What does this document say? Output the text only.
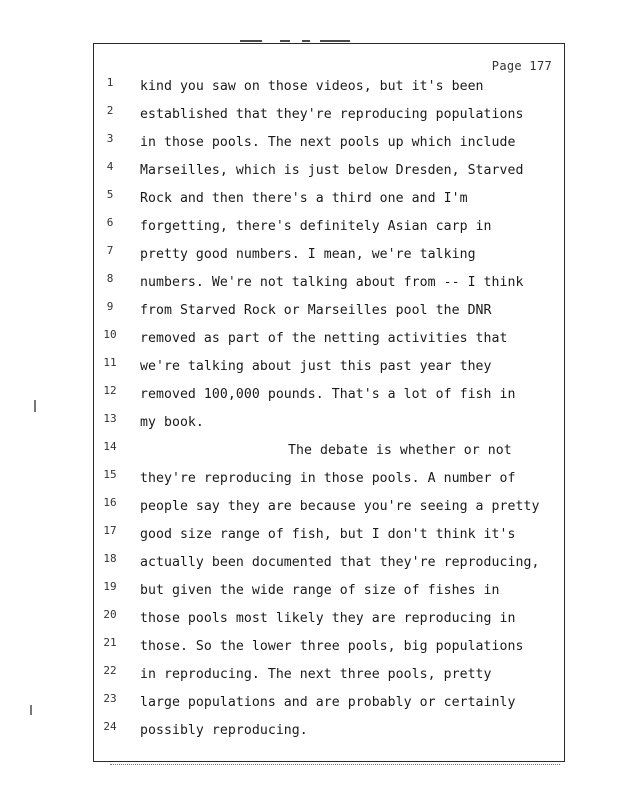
Page 177
1	kind you saw on those videos, but it's been
2	established that they're reproducing populations
3	in those pools. The next pools up which include
4	Marseilles, which is just below Dresden, Starved
5	Rock and then there's a third one and I'm
6	forgetting, there's definitely Asian carp in
7	pretty good numbers. I mean, we're talking
8	numbers. We're not talking about from -- I think
9	from Starved Rock or Marseilles pool the DNR
10	removed as part of the netting activities that
11	we're talking about just this past year they
12	removed 100,000 pounds. That's a lot of fish in
13	my book.
14	The debate is whether or not
15	they're reproducing in those pools. A number of
16	people say they are because you're seeing a pretty
17	good size range of fish, but I don't think it's
18	actually been documented that they're reproducing,
19	but given the wide range of size of fishes in
20	those pools most likely they are reproducing in
21	those. So the lower three pools, big populations
22	in reproducing. The next three pools, pretty
23	large populations and are probably or certainly
24	possibly reproducing.
